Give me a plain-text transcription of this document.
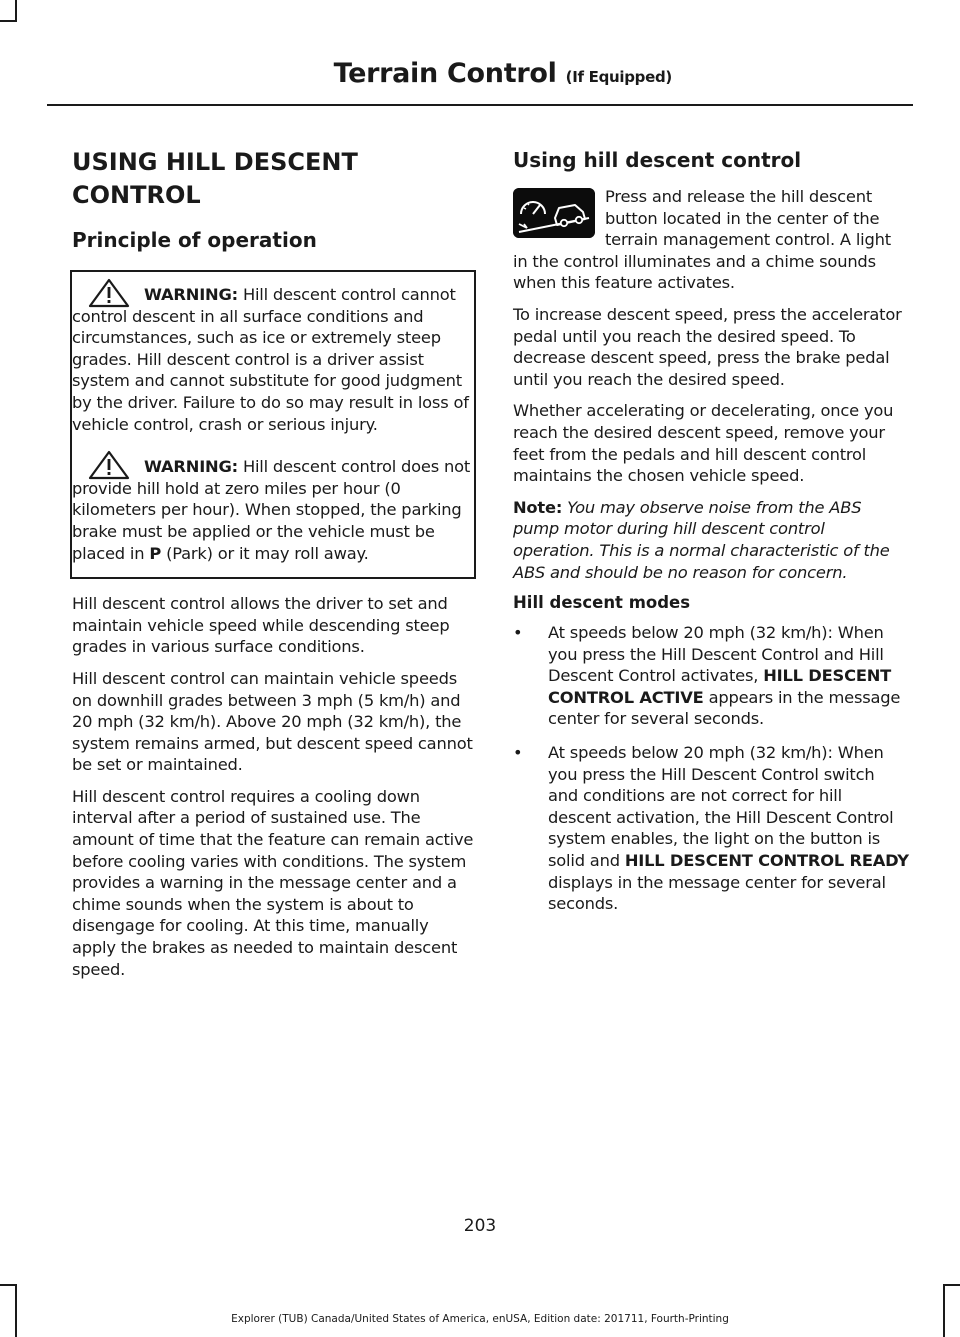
Terrain Control (If Equipped)
USING HILL DESCENT
CONTROL
Principle of operation
WARNING: Hill descent control cannot control descent in all surface conditions and circumstances, such as ice or extremely steep grades. Hill descent control is a driver assist system and cannot substitute for good judgment by the driver. Failure to do so may result in loss of vehicle control, crash or serious injury.
WARNING: Hill descent control does not provide hill hold at zero miles per hour (0 kilometers per hour). When stopped, the parking brake must be applied or the vehicle must be placed in P (Park) or it may roll away.

Hill descent control allows the driver to set and maintain vehicle speed while descending steep grades in various surface conditions.

Hill descent control can maintain vehicle speeds on downhill grades between 3 mph (5 km/h) and 20 mph (32 km/h). Above 20 mph (32 km/h), the system remains armed, but descent speed cannot be set or maintained.

Hill descent control requires a cooling down interval after a period of sustained use. The amount of time that the feature can remain active before cooling varies with conditions. The system provides a warning in the message center and a chime sounds when the system is about to disengage for cooling. At this time, manually apply the brakes as needed to maintain descent speed.

Using hill descent control

Press and release the hill descent button located in the center of the terrain management control. A light in the control illuminates and a chime sounds when this feature activates.

To increase descent speed, press the accelerator pedal until you reach the desired speed. To decrease descent speed, press the brake pedal until you reach the desired speed.

Whether accelerating or decelerating, once you reach the desired descent speed, remove your feet from the pedals and hill descent control maintains the chosen vehicle speed.

Note: You may observe noise from the ABS pump motor during hill descent control operation. This is a normal characteristic of the ABS and should be no reason for concern.

Hill descent modes
• At speeds below 20 mph (32 km/h): When you press the Hill Descent Control and Hill Descent Control activates, HILL DESCENT CONTROL ACTIVE appears in the message center for several seconds.
• At speeds below 20 mph (32 km/h): When you press the Hill Descent Control switch and conditions are not correct for hill descent activation, the Hill Descent Control system enables, the light on the button is solid and HILL DESCENT CONTROL READY displays in the message center for several seconds.
203
Explorer (TUB) Canada/United States of America, enUSA, Edition date: 201711, Fourth-Printing
